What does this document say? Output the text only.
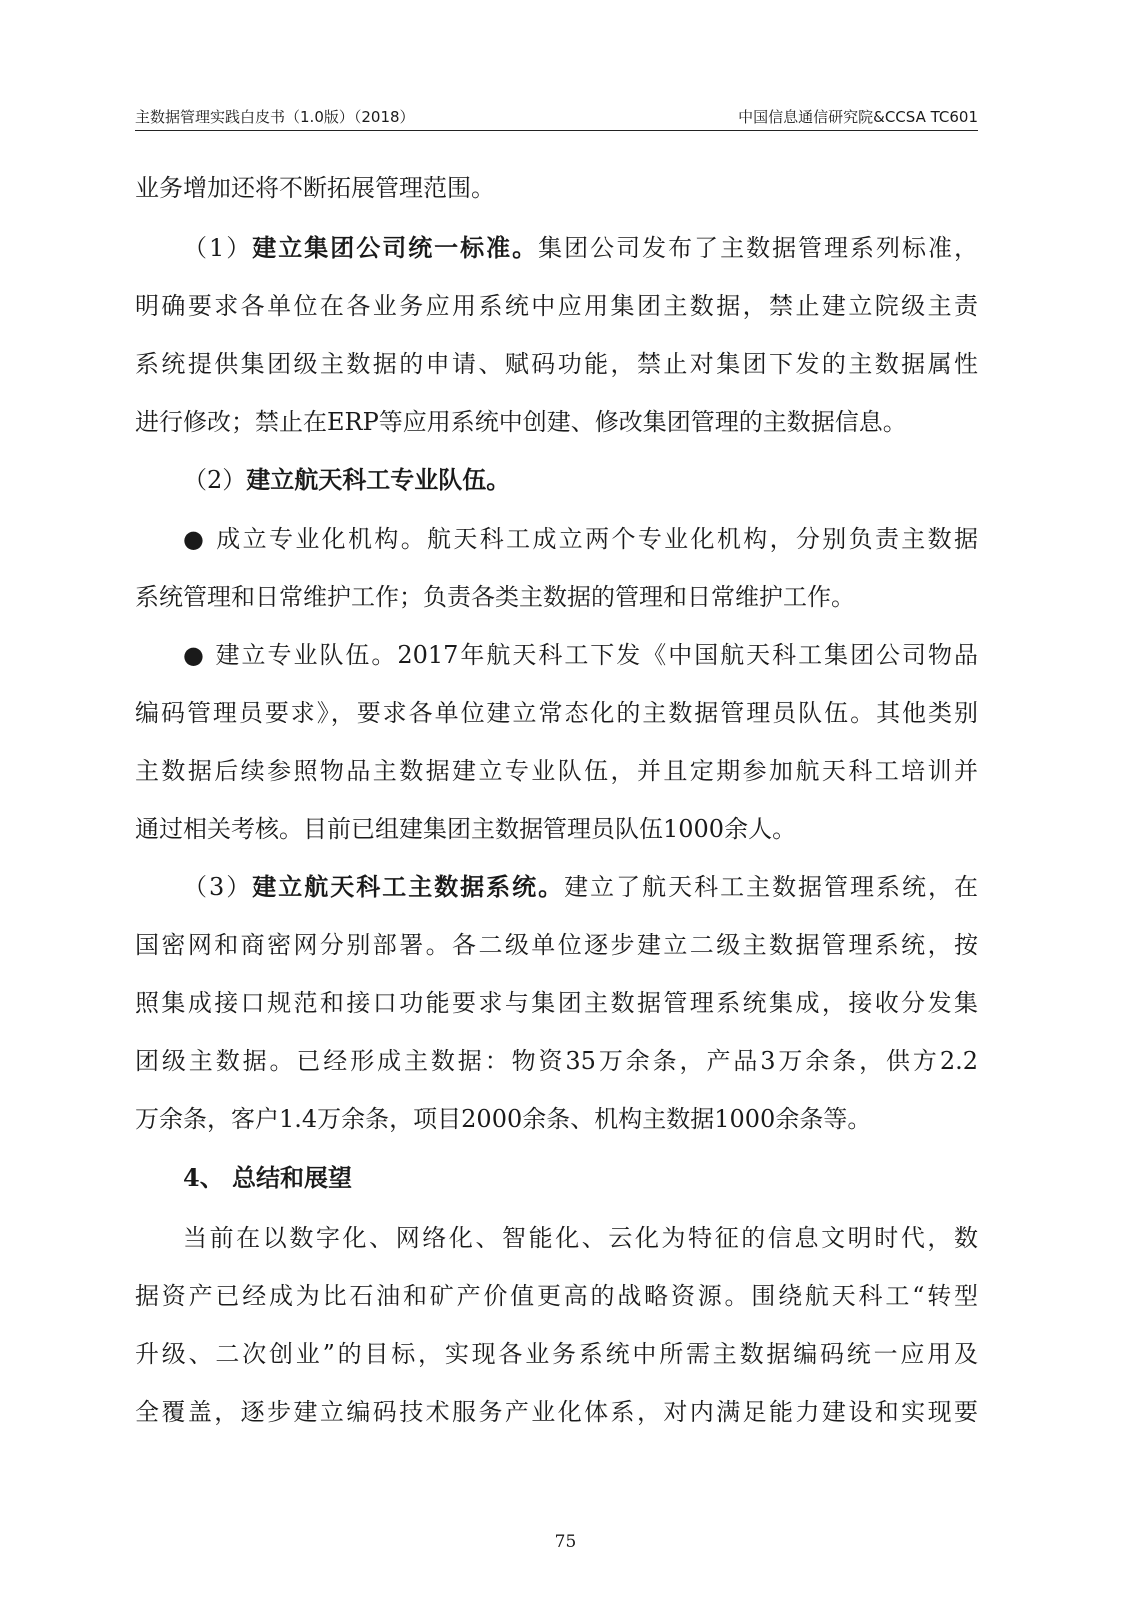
主数据管理实践白皮书（1.0版）（2018）	中国信息通信研究院&CCSA TC601
业务增加还将不断拓展管理范围。
（1）建立集团公司统一标准。集团公司发布了主数据管理系列标准，
明确要求各单位在各业务应用系统中应用集团主数据，禁止建立院级主责
系统提供集团级主数据的申请、赋码功能，禁止对集团下发的主数据属性
进行修改；禁止在ERP等应用系统中创建、修改集团管理的主数据信息。
（2）建立航天科工专业队伍。
● 成立专业化机构。航天科工成立两个专业化机构，分别负责主数据
系统管理和日常维护工作；负责各类主数据的管理和日常维护工作。
● 建立专业队伍。2017年航天科工下发《中国航天科工集团公司物品
编码管理员要求》，要求各单位建立常态化的主数据管理员队伍。其他类别
主数据后续参照物品主数据建立专业队伍，并且定期参加航天科工培训并
通过相关考核。目前已组建集团主数据管理员队伍1000余人。
（3）建立航天科工主数据系统。建立了航天科工主数据管理系统，在
国密网和商密网分别部署。各二级单位逐步建立二级主数据管理系统，按
照集成接口规范和接口功能要求与集团主数据管理系统集成，接收分发集
团级主数据。已经形成主数据：物资35万余条，产品3万余条，供方2.2
万余条，客户1.4万余条，项目2000余条、机构主数据1000余条等。
4、 总结和展望
当前在以数字化、网络化、智能化、云化为特征的信息文明时代，数
据资产已经成为比石油和矿产价值更高的战略资源。围绕航天科工“转型
升级、二次创业”的目标，实现各业务系统中所需主数据编码统一应用及
全覆盖，逐步建立编码技术服务产业化体系，对内满足能力建设和实现要
75
